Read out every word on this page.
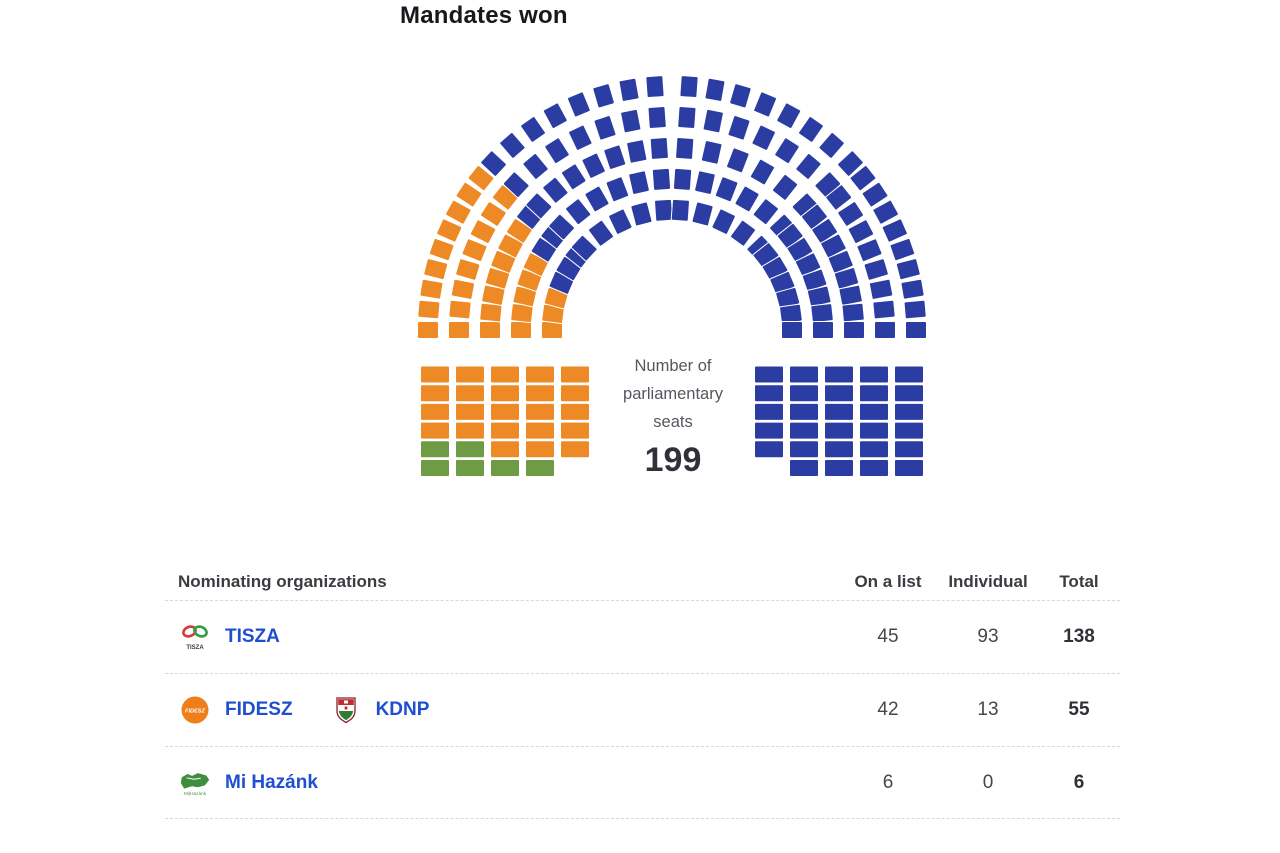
Mandates won
Number of
parliamentary
seats
199
Nominating organizations	On a list	Individual	Total
TISZA
TISZA	45	93	138
FIDESZ FIDESZ	KDNP	42	13	55
Mi|Hazánk
Mi Hazánk	6	0	6
